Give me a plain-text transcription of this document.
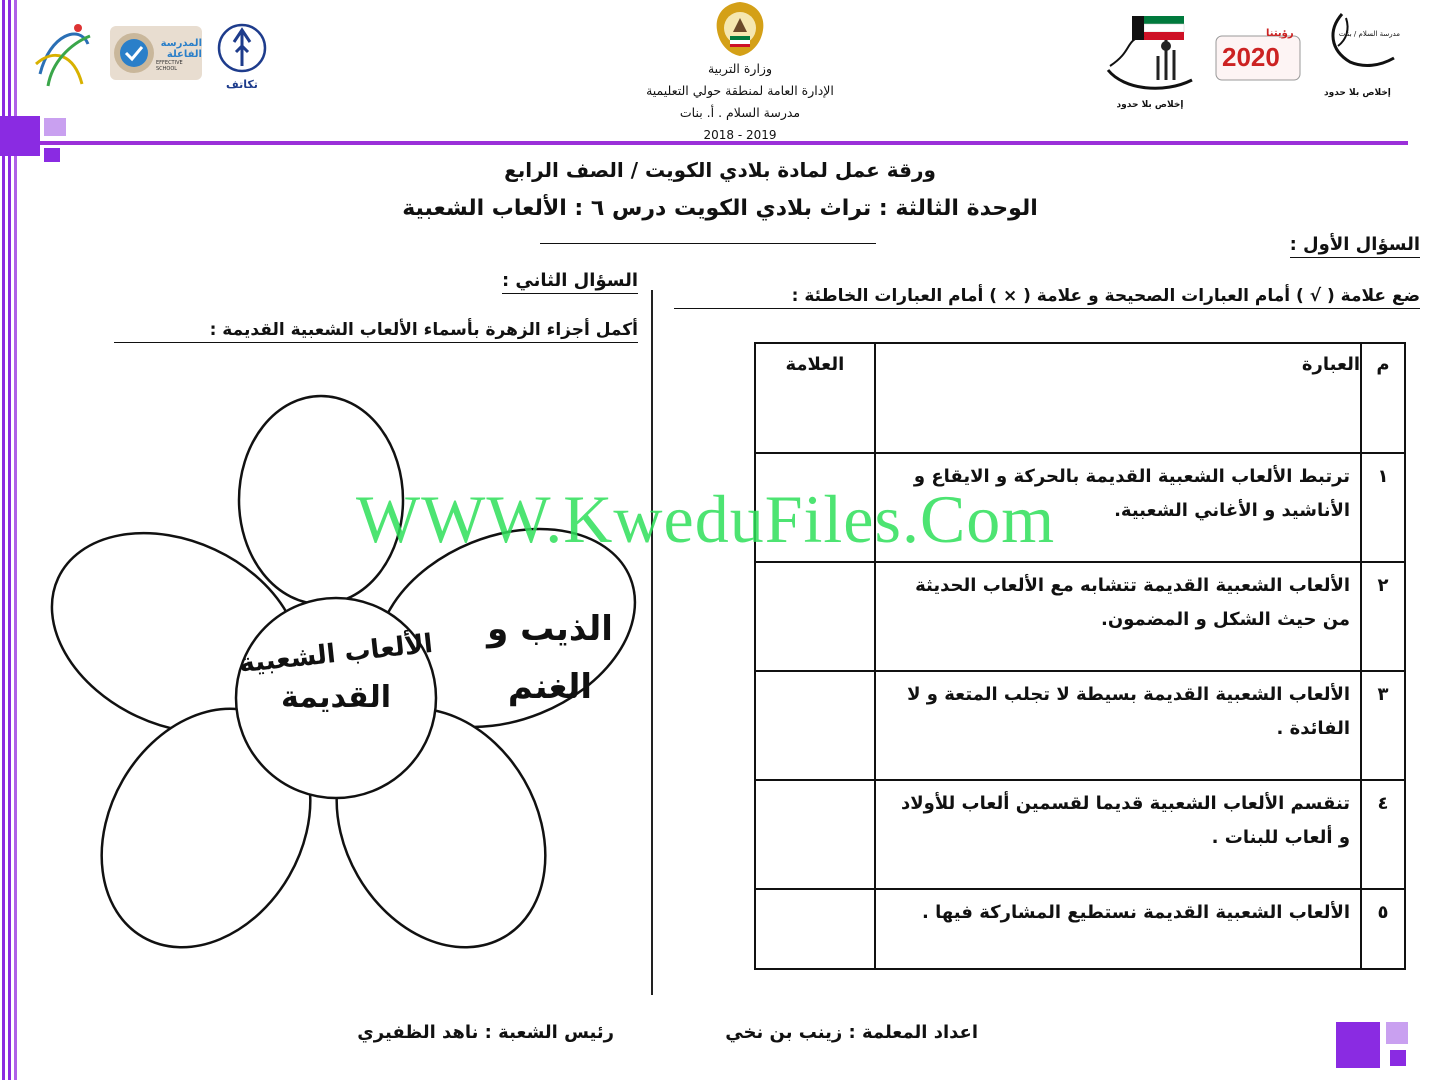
المدرسة الفاعلة
EFFECTIVE SCHOOL
تكاتف
وزارة التربية
الإدارة العامة لمنطقة حولي التعليمية
مدرسة السلام . أ. بنات
2018 - 2019
إخلاص بلا حدود
رؤيتنا
2020
مدرسة السلام / بنات
إخلاص بلا حدود
ورقة عمل لمادة بلادي الكويت / الصف الرابع
الوحدة الثالثة : تراث بلادي الكويت درس ٦ : الألعاب الشعبية
السؤال الأول :
ضع علامة ( √ ) أمام العبارات الصحيحة و علامة ( × ) أمام العبارات الخاطئة :
م	العبارة	العلامة
١	ترتبط الألعاب الشعبية القديمة بالحركة و الايقاع و الأناشيد و الأغاني الشعبية.	
٢	الألعاب الشعبية القديمة تتشابه مع الألعاب الحديثة من حيث الشكل و المضمون.	
٣	الألعاب الشعبية القديمة بسيطة لا تجلب المتعة و لا الفائدة .	
٤	تنقسم الألعاب الشعبية قديما لقسمين ألعاب للأولاد و ألعاب للبنات .	
٥	الألعاب الشعبية القديمة نستطيع المشاركة فيها .	
السؤال الثاني :
أكمل أجزاء الزهرة بأسماء الألعاب الشعبية القديمة :
الألعاب الشعبية
القديمة
الذيب و
الغنم
WWW.KweduFiles.Com
اعداد المعلمة : زينب بن نخي
رئيس الشعبة : ناهد الظفيري
